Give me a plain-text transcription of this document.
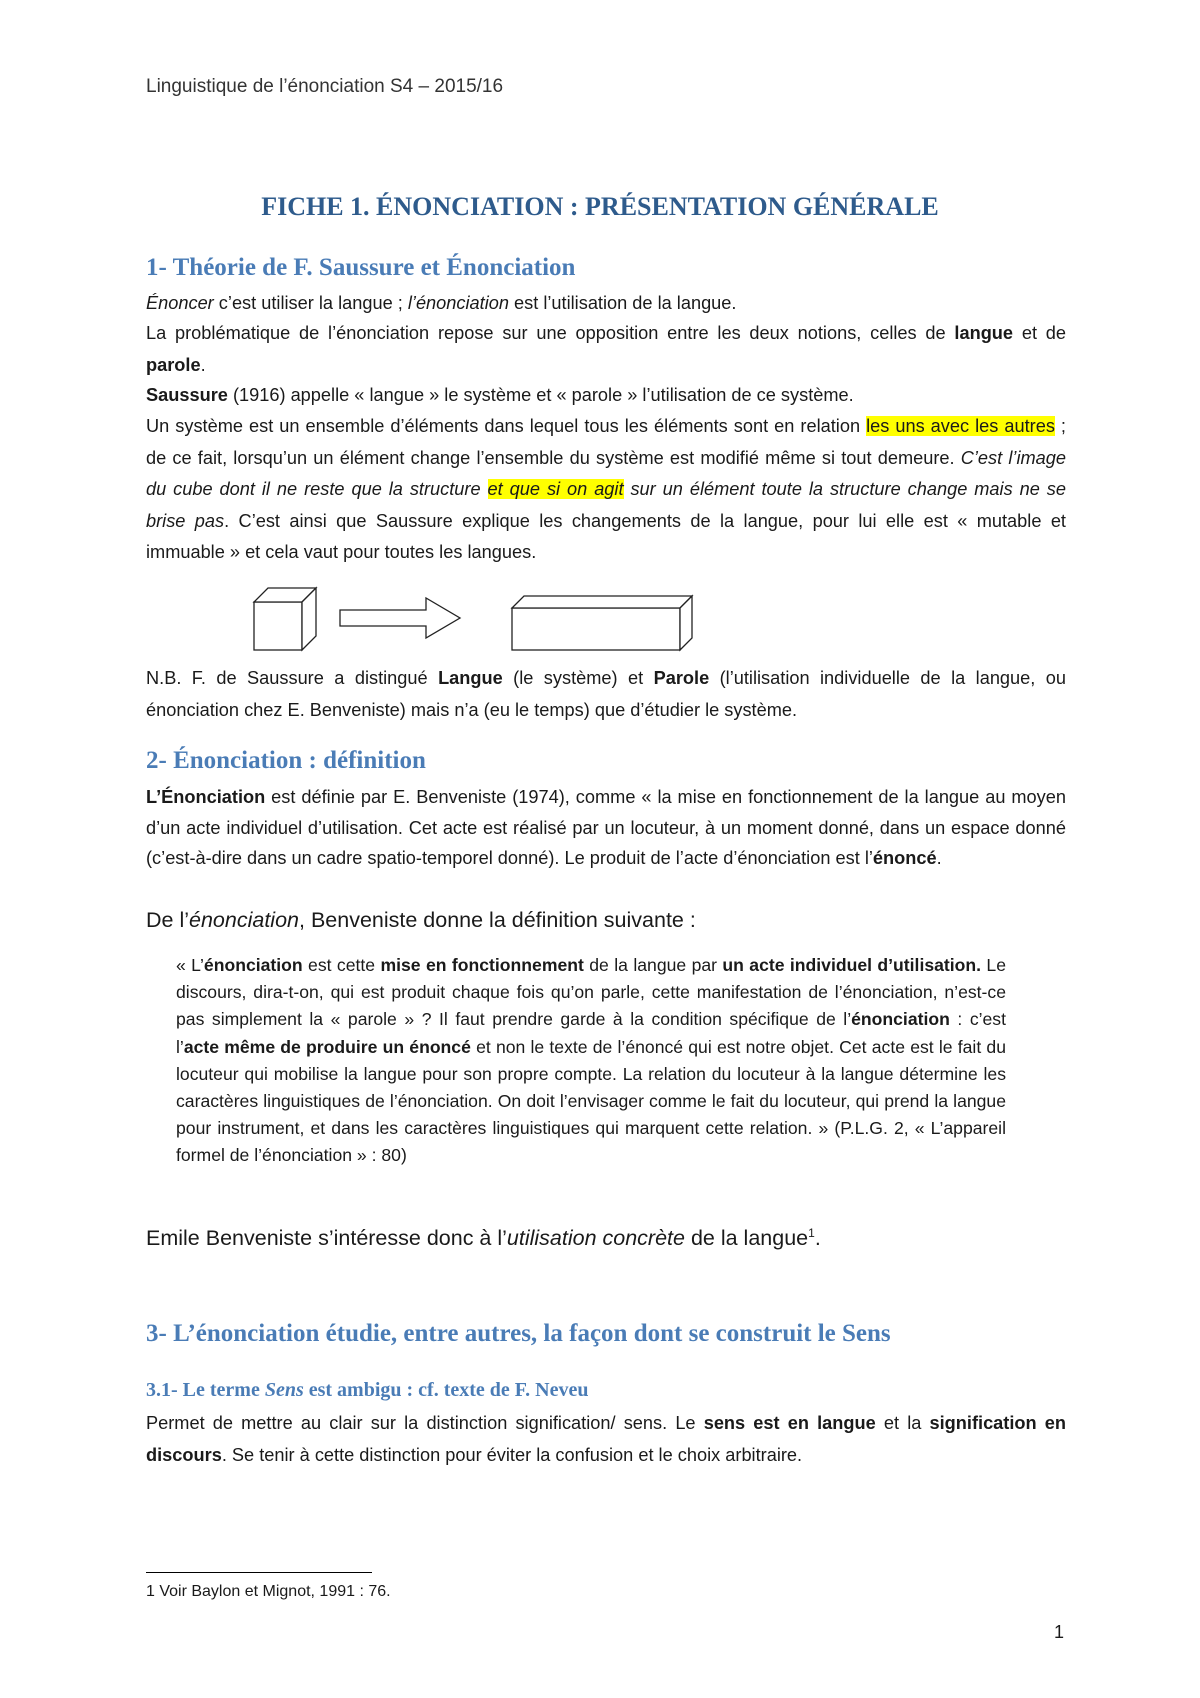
Linguistique de l’énonciation S4 – 2015/16
FICHE 1. ÉNONCIATION : PRÉSENTATION GÉNÉRALE
1- Théorie de F. Saussure et Énonciation
Énoncer c’est utiliser la langue ; l’énonciation est l’utilisation de la langue.
La problématique de l’énonciation repose sur une opposition entre les deux notions, celles de langue et de parole.
Saussure (1916) appelle « langue » le système et « parole » l’utilisation de ce système.
Un système est un ensemble d’éléments dans lequel tous les éléments sont en relation les uns avec les autres ; de ce fait, lorsqu’un un élément change l’ensemble du système est modifié même si tout demeure. C’est l’image du cube dont il ne reste que la structure et que si on agit sur un élément toute la structure change mais ne se brise pas. C’est ainsi que Saussure explique les changements de la langue, pour lui elle est « mutable et immuable » et cela vaut pour toutes les langues.
N.B. F. de Saussure a distingué Langue (le système) et Parole (l’utilisation individuelle de la langue, ou énonciation chez E. Benveniste) mais n’a (eu le temps) que d’étudier le système.
2- Énonciation : définition
L’Énonciation est définie par E. Benveniste (1974), comme « la mise en fonctionnement de la langue au moyen d’un acte individuel d’utilisation. Cet acte est réalisé par un locuteur, à un moment donné, dans un espace donné (c’est-à-dire dans un cadre spatio-temporel donné). Le produit de l’acte d’énonciation est l’énoncé.
De l’énonciation, Benveniste donne la définition suivante :
« L’énonciation est cette mise en fonctionnement de la langue par un acte individuel d’utilisation. Le discours, dira-t-on, qui est produit chaque fois qu’on parle, cette manifestation de l’énonciation, n’est-ce pas simplement la « parole » ? Il faut prendre garde à la condition spécifique de l’énonciation : c’est l’acte même de produire un énoncé et non le texte de l’énoncé qui est notre objet. Cet acte est le fait du locuteur qui mobilise la langue pour son propre compte. La relation du locuteur à la langue détermine les caractères linguistiques de l’énonciation. On doit l’envisager comme le fait du locuteur, qui prend la langue pour instrument, et dans les caractères linguistiques qui marquent cette relation. » (P.L.G. 2, « L’appareil formel de l’énonciation » : 80)
Emile Benveniste s’intéresse donc à l’utilisation concrète de la langue$^1$.
3- L’énonciation étudie, entre autres, la façon dont se construit le Sens
3.1- Le terme Sens est ambigu : cf. texte de F. Neveu
Permet de mettre au clair sur la distinction signification/ sens. Le sens est en langue et la signification en discours. Se tenir à cette distinction pour éviter la confusion et le choix arbitraire.
1 Voir Baylon et Mignot, 1991 : 76.
1
